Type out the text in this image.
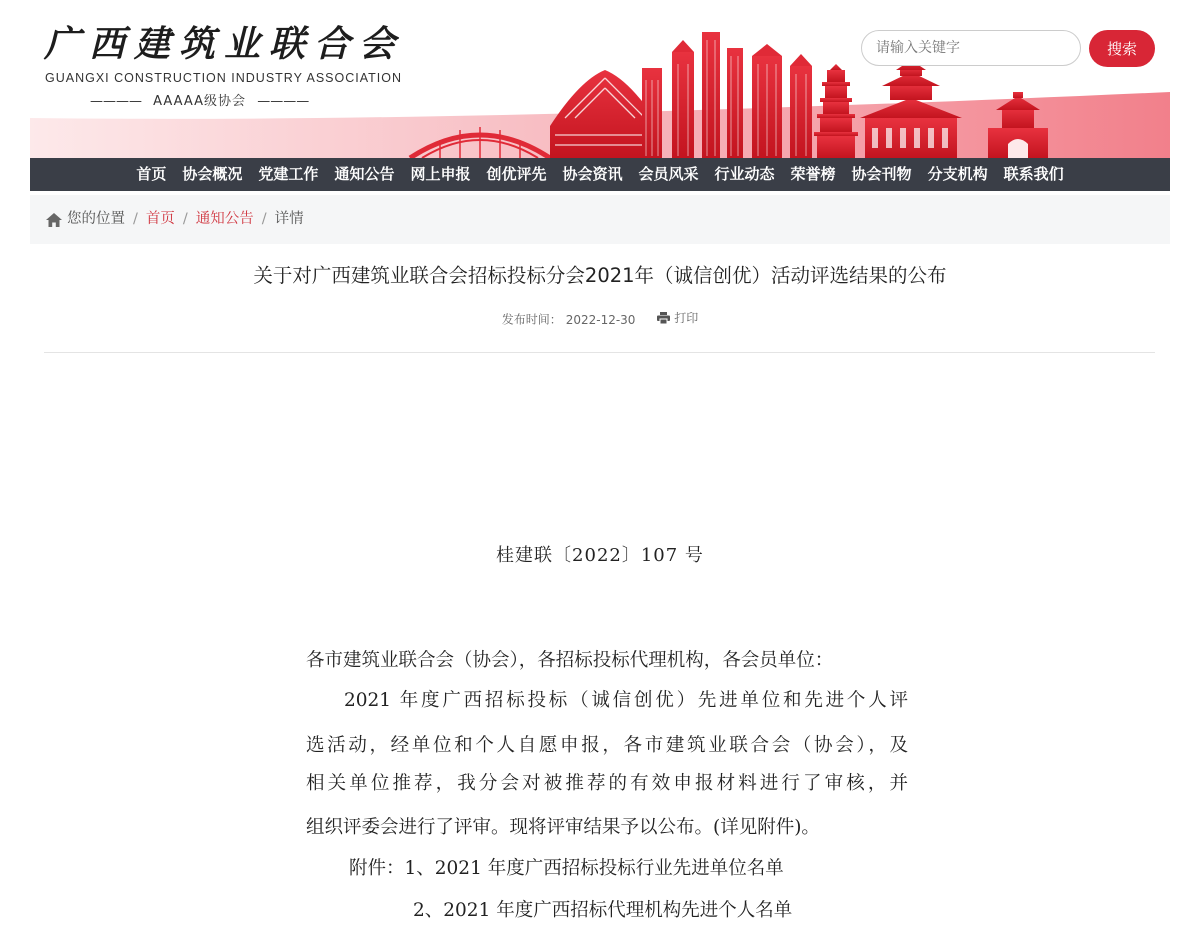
广西建筑业联合会
GUANGXI CONSTRUCTION INDUSTRY ASSOCIATION
———— AAAAA级协会 ————
请输入关键字
搜索
首页	协会概况	党建工作	通知公告	网上申报	创优评先	协会资讯	会员风采	行业动态	荣誉榜	协会刊物	分支机构	联系我们
您的位置 / 首页 / 通知公告 / 详情
关于对广西建筑业联合会招标投标分会2021年（诚信创优）活动评选结果的公布
发布时间： 2022-12-30	打印
桂建联〔2022〕107 号
各市建筑业联合会（协会），各招标投标代理机构，各会员单位：
2021 年度广西招标投标（诚信创优）先进单位和先进个人评
选活动，经单位和个人自愿申报，各市建筑业联合会（协会），及
相关单位推荐，我分会对被推荐的有效申报材料进行了审核，并
组织评委会进行了评审。现将评审结果予以公布。(详见附件)。
附件：1、2021 年度广西招标投标行业先进单位名单
2、2021 年度广西招标代理机构先进个人名单
